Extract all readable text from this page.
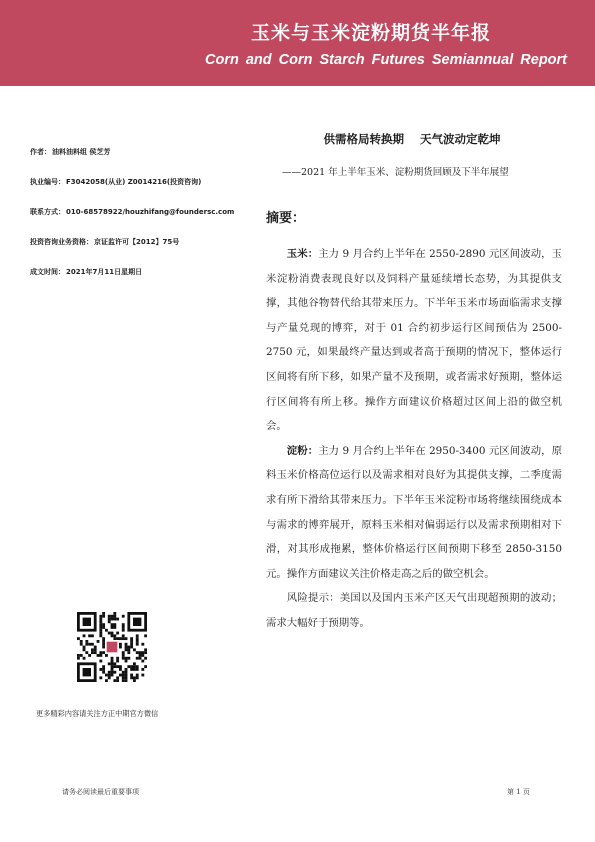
玉米与玉米淀粉期货半年报
Corn and Corn Starch Futures Semiannual Report
作者：油料油料组 侯芝芳
执业编号：F3042058(从业) Z0014216(投资咨询)
联系方式：010-68578922/houzhifang@foundersc.com
投资咨询业务资格：京证监许可【2012】75号
成文时间：2021年7月11日星期日
供需格局转换期    天气波动定乾坤
——2021 年上半年玉米、淀粉期货回顾及下半年展望
摘要：

玉米：主力 9 月合约上半年在 2550-2890 元区间波动，玉米淀粉消费表现良好以及饲料产量延续增长态势，为其提供支撑，其他谷物替代给其带来压力。下半年玉米市场面临需求支撑与产量兑现的博弈，对于 01 合约初步运行区间预估为 2500-2750 元，如果最终产量达到或者高于预期的情况下，整体运行区间将有所下移，如果产量不及预期，或者需求好预期，整体运行区间将有所上移。操作方面建议价格超过区间上沿的做空机会。

淀粉：主力 9 月合约上半年在 2950-3400 元区间波动，原料玉米价格高位运行以及需求相对良好为其提供支撑，二季度需求有所下滑给其带来压力。下半年玉米淀粉市场将继续围绕成本与需求的博弈展开，原料玉米相对偏弱运行以及需求预期相对下滑，对其形成拖累，整体价格运行区间预期下移至 2850-3150 元。操作方面建议关注价格走高之后的做空机会。

风险提示：美国以及国内玉米产区天气出现超预期的波动；需求大幅好于预期等。

更多精彩内容请关注方正中期官方微信
请务必阅读最后重要事项	第 1 页
